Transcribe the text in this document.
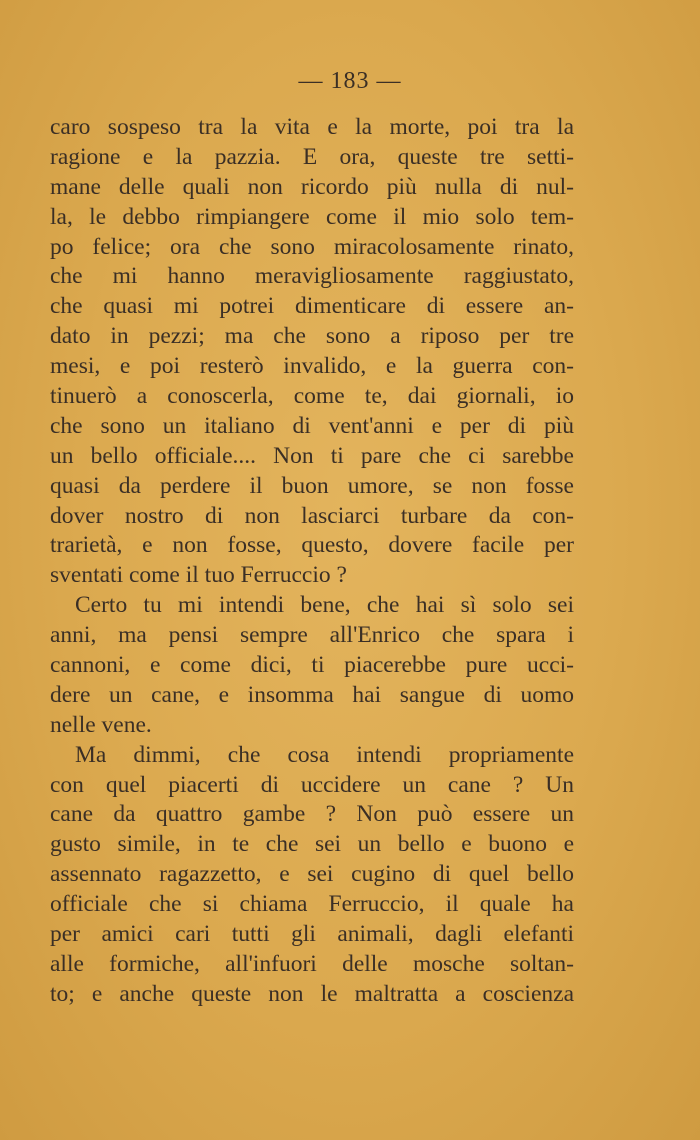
— 183 —
caro sospeso tra la vita e la morte, poi tra la
ragione e la pazzia. E ora, queste tre setti-
mane delle quali non ricordo più nulla di nul-
la, le debbo rimpiangere come il mio solo tem-
po felice; ora che sono miracolosamente rinato,
che mi hanno meravigliosamente raggiustato,
che quasi mi potrei dimenticare di essere an-
dato in pezzi; ma che sono a riposo per tre
mesi, e poi resterò invalido, e la guerra con-
tinuerò a conoscerla, come te, dai giornali, io
che sono un italiano di vent'anni e per di più
un bello officiale.... Non ti pare che ci sarebbe
quasi da perdere il buon umore, se non fosse
dover nostro di non lasciarci turbare da con-
trarietà, e non fosse, questo, dovere facile per
sventati come il tuo Ferruccio ?
Certo tu mi intendi bene, che hai sì solo sei
anni, ma pensi sempre all'Enrico che spara i
cannoni, e come dici, ti piacerebbe pure ucci-
dere un cane, e insomma hai sangue di uomo
nelle vene.
Ma dimmi, che cosa intendi propriamente
con quel piacerti di uccidere un cane ? Un
cane da quattro gambe ? Non può essere un
gusto simile, in te che sei un bello e buono e
assennato ragazzetto, e sei cugino di quel bello
officiale che si chiama Ferruccio, il quale ha
per amici cari tutti gli animali, dagli elefanti
alle formiche, all'infuori delle mosche soltan-
to; e anche queste non le maltratta a coscienza
